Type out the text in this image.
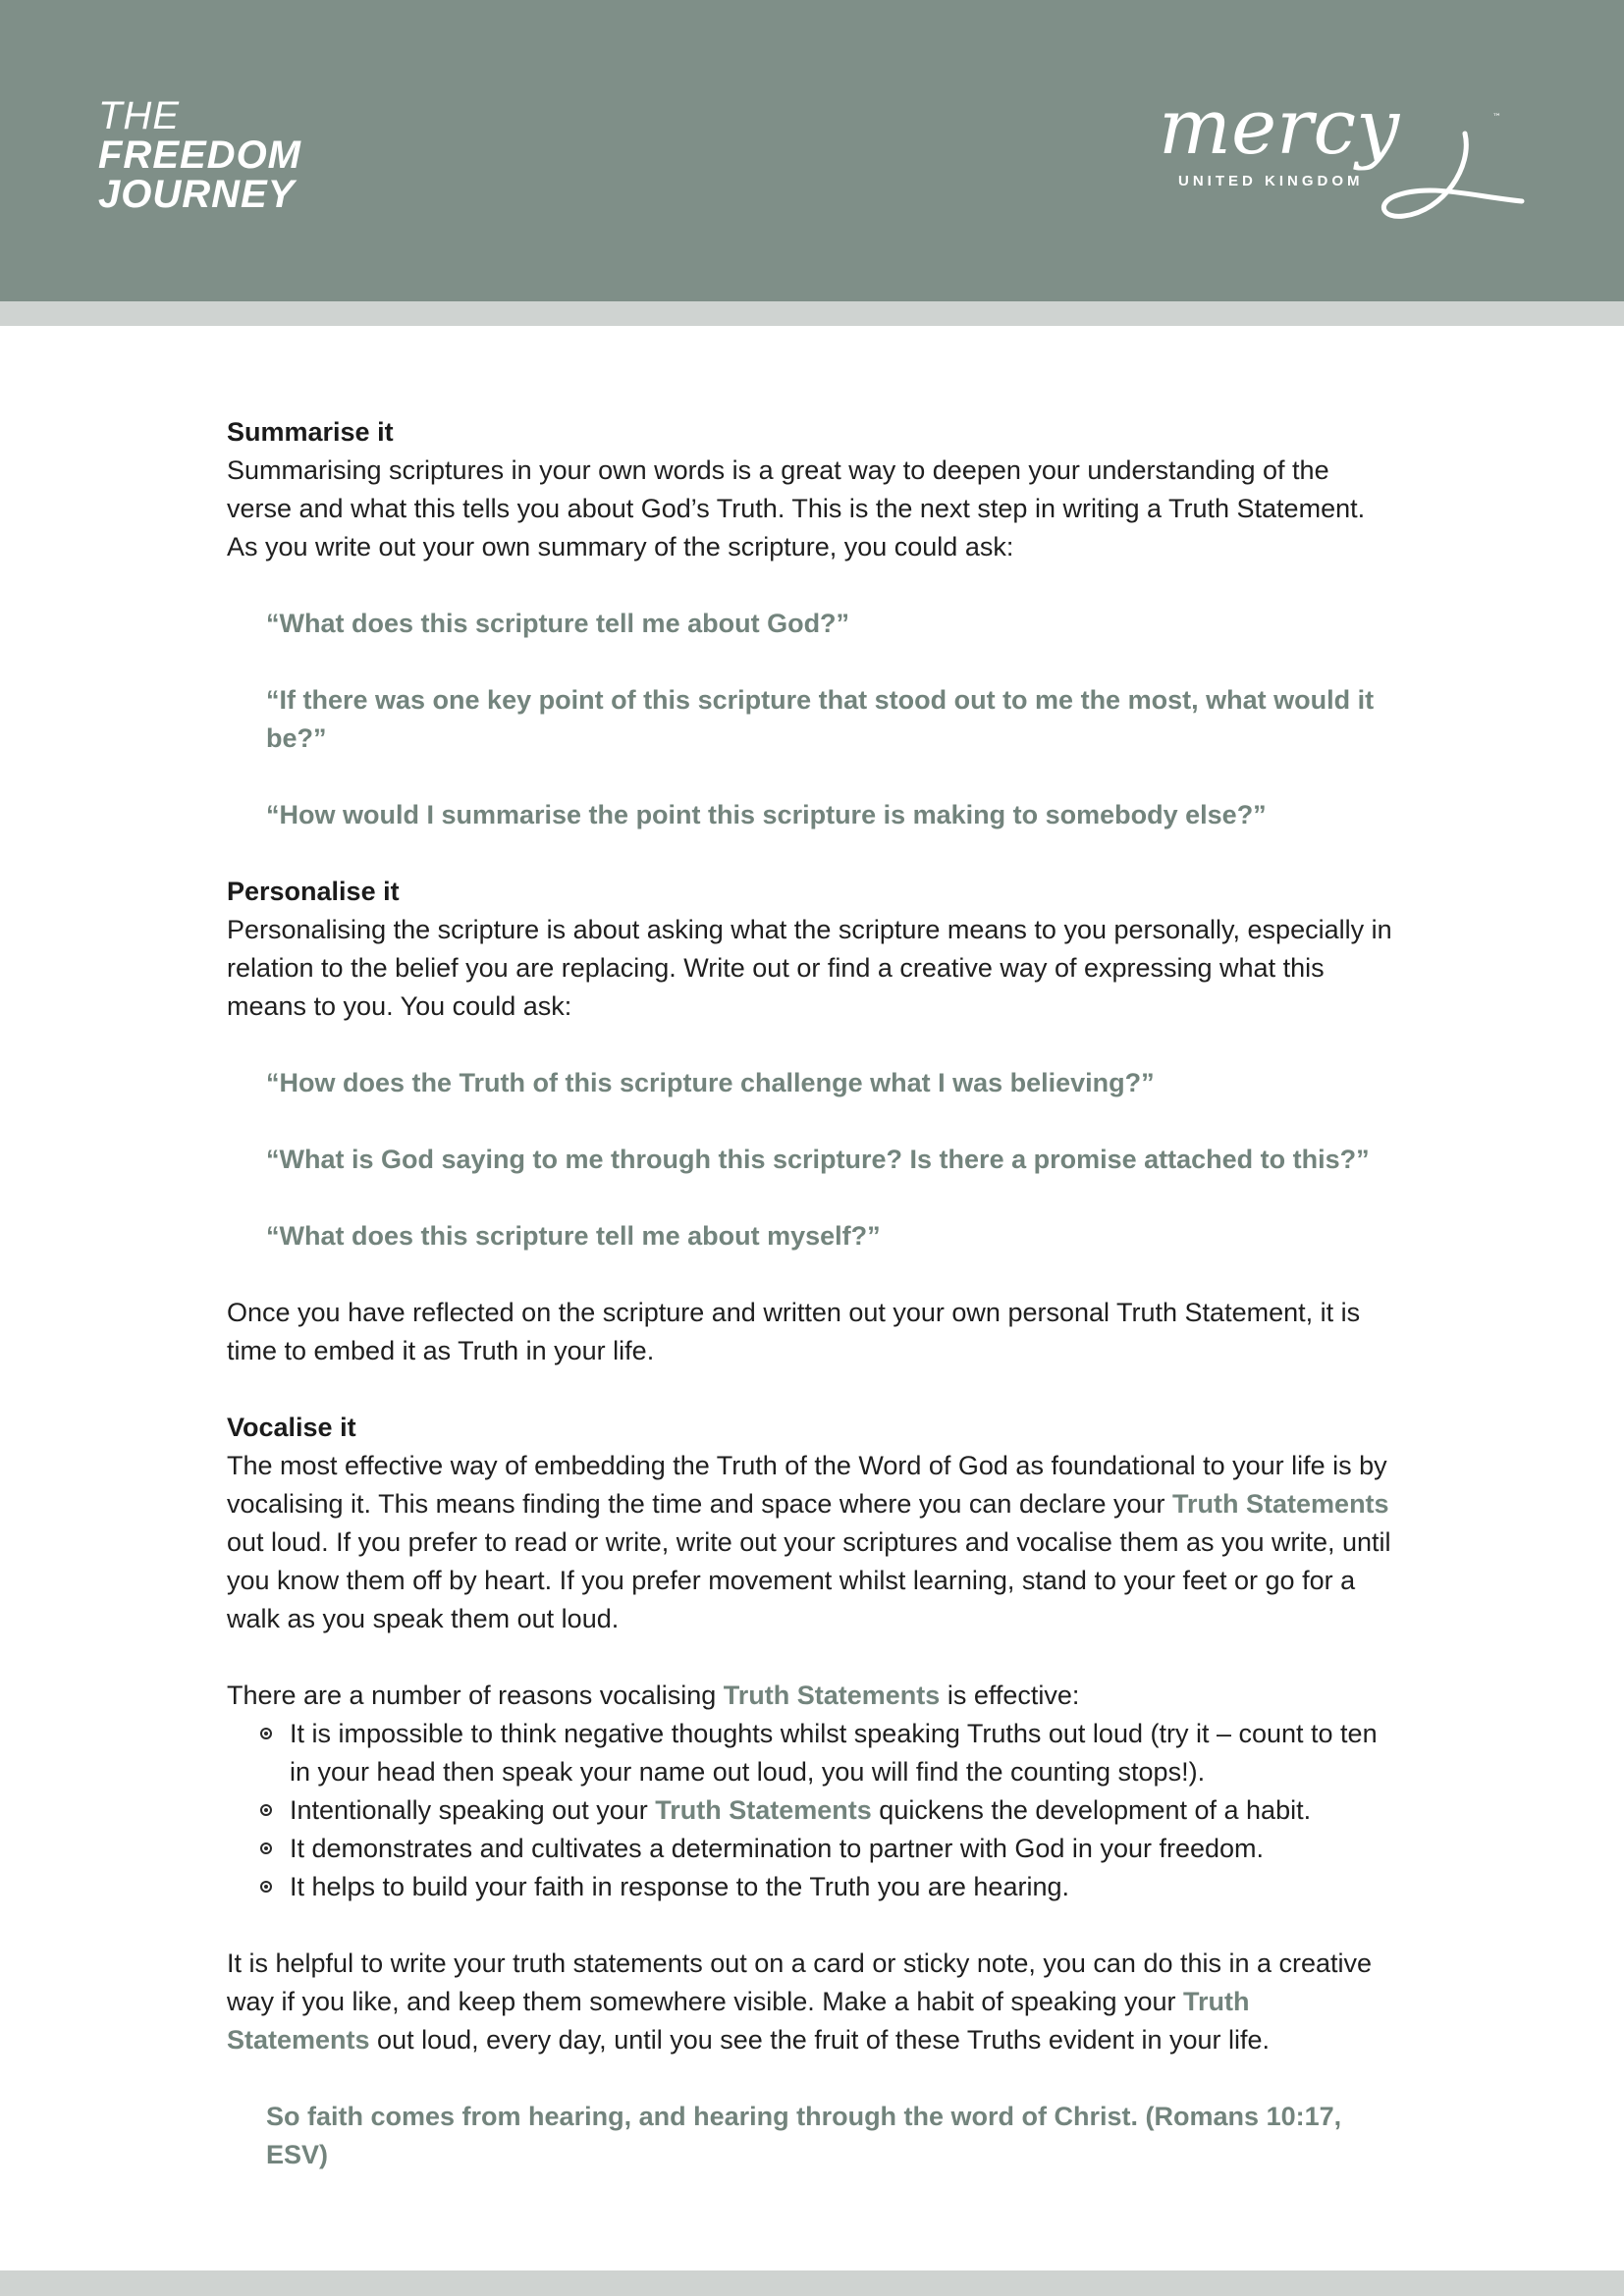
THE
FREEDOM
JOURNEY
mercy	™
UNITED KINGDOM

Summarise it

Summarising scriptures in your own words is a great way to deepen your understanding of the verse and what this tells you about God’s Truth. This is the next step in writing a Truth Statement. As you write out your own summary of the scripture, you could ask:

“What does this scripture tell me about God?”

“If there was one key point of this scripture that stood out to me the most, what would it be?”

“How would I summarise the point this scripture is making to somebody else?”

Personalise it

Personalising the scripture is about asking what the scripture means to you personally, especially in relation to the belief you are replacing. Write out or find a creative way of expressing what this means to you. You could ask:

“How does the Truth of this scripture challenge what I was believing?”

“What is God saying to me through this scripture? Is there a promise attached to this?”

“What does this scripture tell me about myself?”

Once you have reflected on the scripture and written out your own personal Truth Statement, it is time to embed it as Truth in your life.

Vocalise it

The most effective way of embedding the Truth of the Word of God as foundational to your life is by vocalising it. This means finding the time and space where you can declare your Truth Statements out loud. If you prefer to read or write, write out your scriptures and vocalise them as you write, until you know them off by heart. If you prefer movement whilst learning, stand to your feet or go for a walk as you speak them out loud.

There are a number of reasons vocalising Truth Statements is effective:

It is impossible to think negative thoughts whilst speaking Truths out loud (try it – count to ten in your head then speak your name out loud, you will find the counting stops!).
Intentionally speaking out your Truth Statements quickens the development of a habit.
It demonstrates and cultivates a determination to partner with God in your freedom.
It helps to build your faith in response to the Truth you are hearing.

It is helpful to write your truth statements out on a card or sticky note, you can do this in a creative way if you like, and keep them somewhere visible. Make a habit of speaking your Truth Statements out loud, every day, until you see the fruit of these Truths evident in your life.

So faith comes from hearing, and hearing through the word of Christ. (Romans 10:17, ESV)
